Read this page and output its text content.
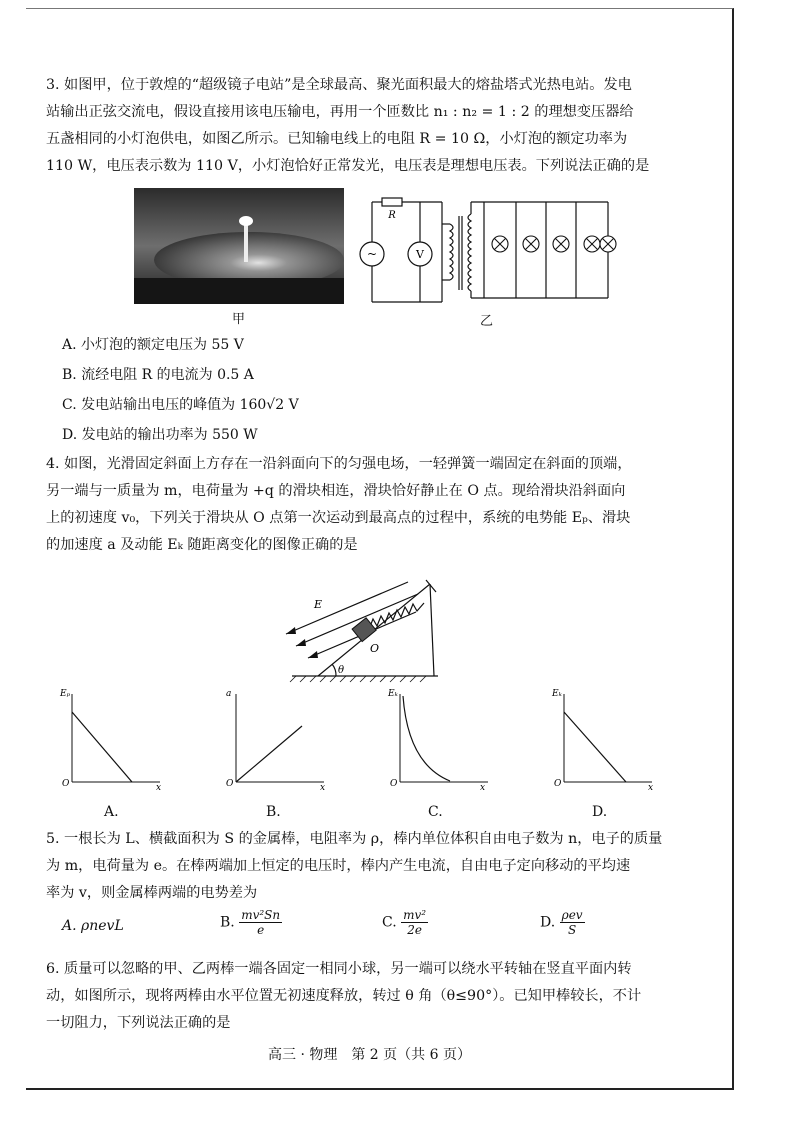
3. 如图甲，位于敦煌的“超级镜子电站”是全球最高、聚光面积最大的熔盐塔式光热电站。发电
站输出正弦交流电，假设直接用该电压输电，再用一个匝数比 n₁ : n₂ = 1 : 2 的理想变压器给
五盏相同的小灯泡供电，如图乙所示。已知输电线上的电阻 R = 10 Ω，小灯泡的额定功率为
110 W，电压表示数为 110 V，小灯泡恰好正常发光，电压表是理想电压表。下列说法正确的是
甲
~	V
R
乙
A. 小灯泡的额定电压为 55 V
B. 流经电阻 R 的电流为 0.5 A
C. 发电站输出电压的峰值为 160√2 V
D. 发电站的输出功率为 550 W
4. 如图，光滑固定斜面上方存在一沿斜面向下的匀强电场，一轻弹簧一端固定在斜面的顶端，
另一端与一质量为 m，电荷量为 +q 的滑块相连，滑块恰好静止在 O 点。现给滑块沿斜面向
上的初速度 v₀，下列关于滑块从 O 点第一次运动到最高点的过程中，系统的电势能 Eₚ、滑块
的加速度 a 及动能 Eₖ 随距离变化的图像正确的是
E
O
θ
Eₚ
x
O
A.
a
x
O
B.
Eₖ
x
O
C.
Eₖ
x
O
D.
5. 一根长为 L、横截面积为 S 的金属棒，电阻率为 ρ，棒内单位体积自由电子数为 n，电子的质量
为 m，电荷量为 e。在棒两端加上恒定的电压时，棒内产生电流，自由电子定向移动的平均速
率为 v，则金属棒两端的电势差为
A. ρnevL	B. $\frac{\text{mv²Sn}}{e}$	C. $\frac{\text{mv²}}{2e}$	D. $\frac{\text{ρev}}{S}$
6. 质量可以忽略的甲、乙两棒一端各固定一相同小球，另一端可以绕水平转轴在竖直平面内转
动，如图所示，现将两棒由水平位置无初速度释放，转过 θ 角（θ≤90°）。已知甲棒较长，不计
一切阻力，下列说法正确的是
高三 · 物理　第 2 页（共 6 页）
